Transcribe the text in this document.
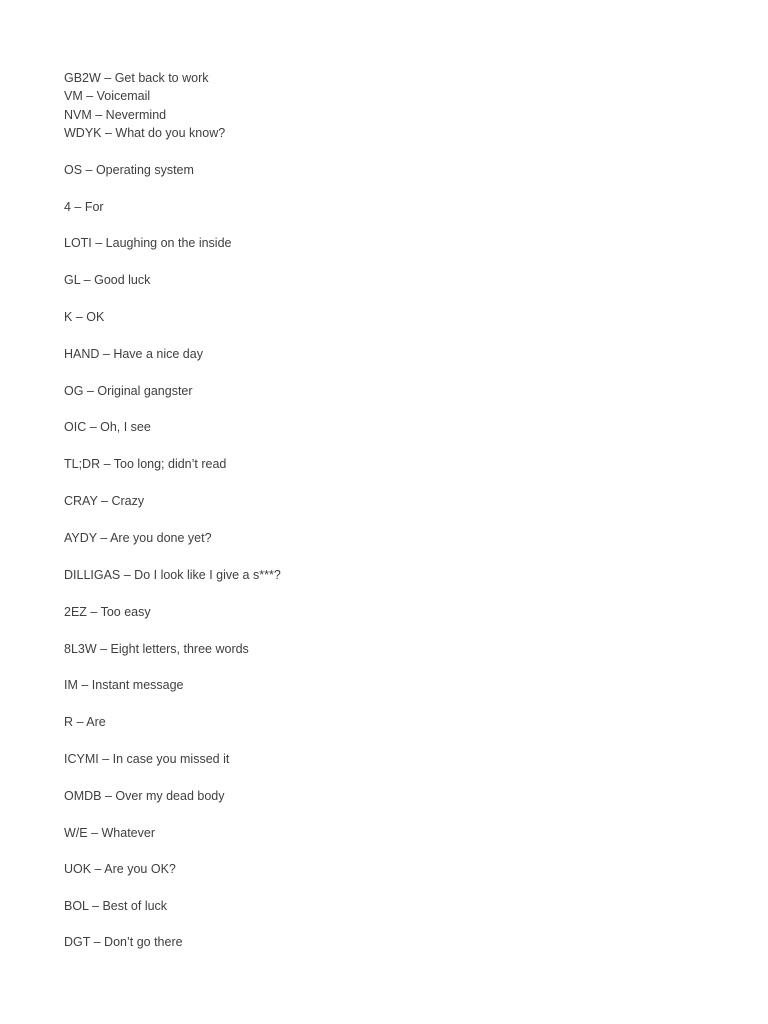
GB2W – Get back to work
VM – Voicemail
NVM – Nevermind
WDYK – What do you know?
OS – Operating system
4 – For
LOTI – Laughing on the inside
GL – Good luck
K – OK
HAND – Have a nice day
OG – Original gangster
OIC – Oh, I see
TL;DR – Too long; didn’t read
CRAY – Crazy
AYDY – Are you done yet?
DILLIGAS – Do I look like I give a s***?
2EZ – Too easy
8L3W – Eight letters, three words
IM – Instant message
R – Are
ICYMI – In case you missed it
OMDB – Over my dead body
W/E – Whatever
UOK – Are you OK?
BOL – Best of luck
DGT – Don’t go there
